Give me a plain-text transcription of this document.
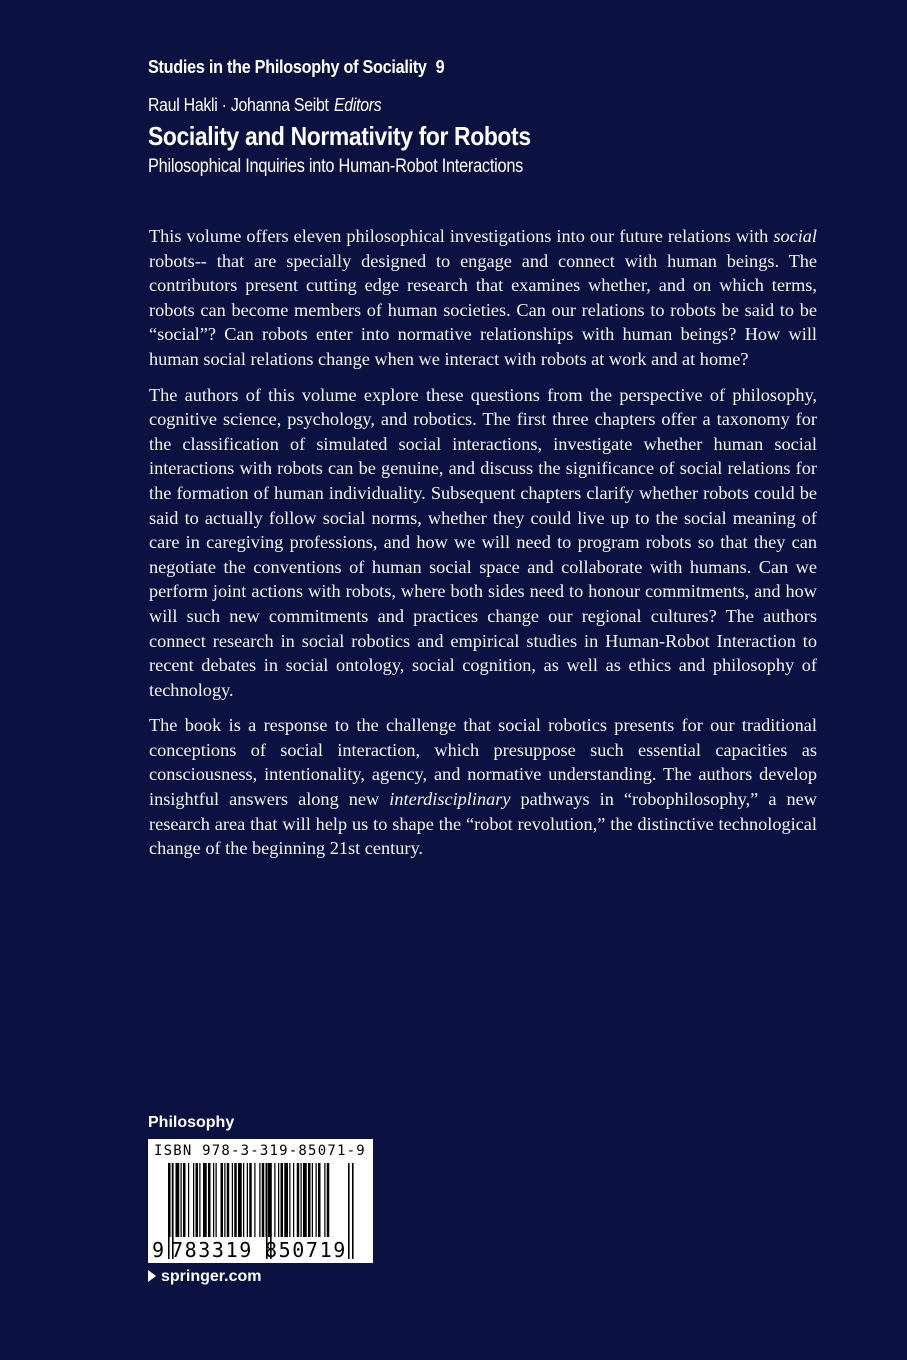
Studies in the Philosophy of Sociality 9
Raul Hakli · Johanna Seibt Editors
Sociality and Normativity for Robots
Philosophical Inquiries into Human-Robot Interactions

This volume offers eleven philosophical investigations into our future relations with social robots-- that are specially designed to engage and connect with human beings. The contributors present cutting edge research that examines whether, and on which terms, robots can become members of human societies. Can our relations to robots be said to be “social”? Can robots enter into normative relationships with human beings? How will human social relations change when we interact with robots at work and at home?

The authors of this volume explore these questions from the perspective of philosophy, cognitive science, psychology, and robotics. The first three chapters offer a taxonomy for the classification of simulated social interactions, investigate whether human social interactions with robots can be genuine, and discuss the significance of social relations for the formation of human individuality. Subsequent chapters clarify whether robots could be said to actually follow social norms, whether they could live up to the social meaning of care in caregiving professions, and how we will need to program robots so that they can negotiate the conventions of human social space and collaborate with humans. Can we perform joint actions with robots, where both sides need to honour commitments, and how will such new commitments and practices change our regional cultures? The authors connect research in social robotics and empirical studies in Human-Robot Interaction to recent debates in social ontology, social cognition, as well as ethics and philosophy of technology.

The book is a response to the challenge that social robotics presents for our traditional conceptions of social interaction, which presuppose such essential capacities as consciousness, intentionality, agency, and normative understanding. The authors develop insightful answers along new interdisciplinary pathways in “robophilosophy,” a new research area that will help us to shape the “robot revolution,” the distinctive technological change of the beginning 21st century.

Philosophy
ISBN 978-3-319-85071-9
9 783319 850719
springer.com
